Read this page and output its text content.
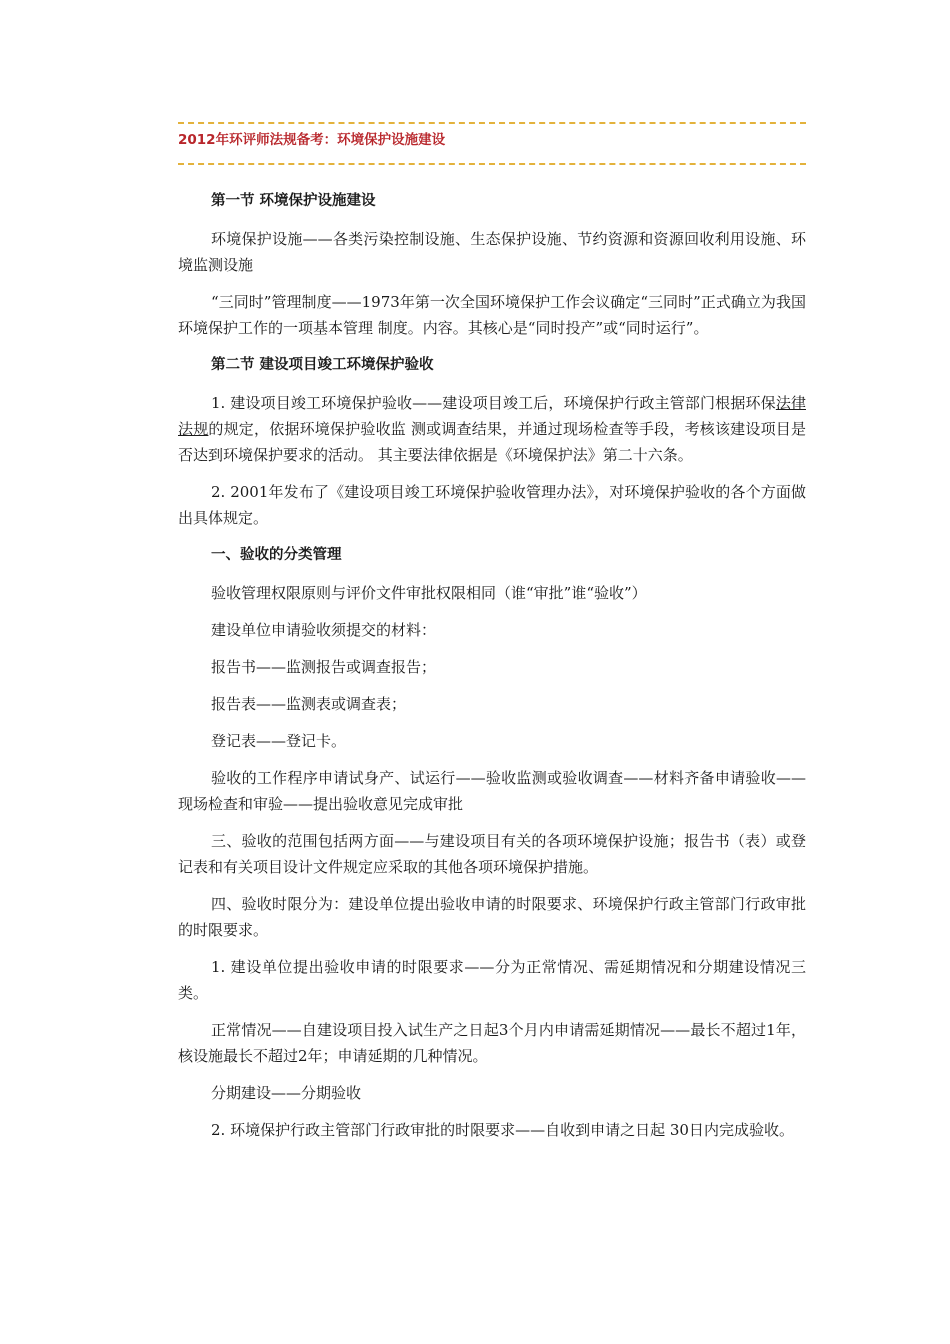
2012年环评师法规备考：环境保护设施建设

第一节 环境保护设施建设

环境保护设施——各类污染控制设施、生态保护设施、节约资源和资源回收利用设施、环境监测设施

“三同时”管理制度——1973年第一次全国环境保护工作会议确定“三同时”正式确立为我国环境保护工作的一项基本管理 制度。内容。其核心是“同时投产”或“同时运行”。

第二节 建设项目竣工环境保护验收

1. 建设项目竣工环境保护验收——建设项目竣工后，环境保护行政主管部门根据环保法律法规的规定，依据环境保护验收监 测或调查结果，并通过现场检查等手段，考核该建设项目是否达到环境保护要求的活动。 其主要法律依据是《环境保护法》第二十六条。

2. 2001年发布了《建设项目竣工环境保护验收管理办法》，对环境保护验收的各个方面做出具体规定。

一、验收的分类管理

验收管理权限原则与评价文件审批权限相同（谁“审批”谁“验收”）

建设单位申请验收须提交的材料：

报告书——监测报告或调查报告；

报告表——监测表或调查表；

登记表——登记卡。

验收的工作程序申请试身产、试运行——验收监测或验收调查——材料齐备申请验收——现场检查和审验——提出验收意见完成审批

三、验收的范围包括两方面——与建设项目有关的各项环境保护设施；报告书（表）或登记表和有关项目设计文件规定应采取的其他各项环境保护措施。

四、验收时限分为：建设单位提出验收申请的时限要求、环境保护行政主管部门行政审批的时限要求。

1. 建设单位提出验收申请的时限要求——分为正常情况、需延期情况和分期建设情况三类。

正常情况——自建设项目投入试生产之日起3个月内申请需延期情况——最长不超过1年，核设施最长不超过2年；申请延期的几种情况。

分期建设——分期验收

2. 环境保护行政主管部门行政审批的时限要求——自收到申请之日起 30日内完成验收。
